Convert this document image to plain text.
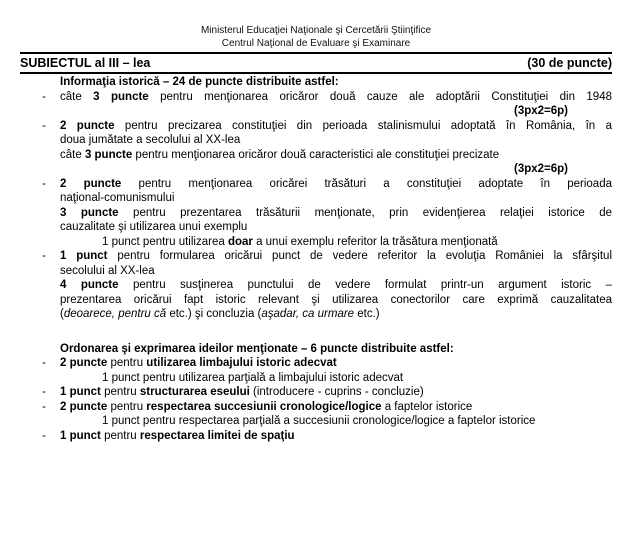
Ministerul Educaţiei Naţionale şi Cercetării Ştiinţifice
Centrul Naţional de Evaluare şi Examinare
SUBIECTUL al III – lea	(30 de puncte)
Informaţia istorică – 24 de puncte distribuite astfel:
- câte 3 puncte pentru menţionarea oricăror două cauze ale adoptării Constituţiei din 1948
(3px2=6p)
- 2 puncte pentru precizarea constituţiei din perioada stalinismului adoptată în România, în a
doua jumătate a secolului al XX-lea
câte 3 puncte pentru menţionarea oricăror două caracteristici ale constituţiei precizate
(3px2=6p)
- 2 puncte pentru menţionarea oricărei trăsături a constituţiei adoptate în perioada
naţional-comunismului
3 puncte pentru prezentarea trăsăturii menţionate, prin evidenţierea relaţiei istorice de
cauzalitate şi utilizarea unui exemplu
1 punct pentru utilizarea doar a unui exemplu referitor la trăsătura menţionată
- 1 punct pentru formularea oricărui punct de vedere referitor la evoluţia României la sfârşitul
secolului al XX-lea
4 puncte pentru susţinerea punctului de vedere formulat printr-un argument istoric –
prezentarea oricărui fapt istoric relevant şi utilizarea conectorilor care exprimă cauzalitatea
(deoarece, pentru că etc.) şi concluzia (aşadar, ca urmare etc.)
Ordonarea şi exprimarea ideilor menţionate – 6 puncte distribuite astfel:
- 2 puncte pentru utilizarea limbajului istoric adecvat
1 punct pentru utilizarea parţială a limbajului istoric adecvat
- 1 punct pentru structurarea eseului (introducere - cuprins - concluzie)
- 2 puncte pentru respectarea succesiunii cronologice/logice a faptelor istorice
1 punct pentru respectarea parţială a succesiunii cronologice/logice a faptelor istorice
- 1 punct pentru respectarea limitei de spaţiu
